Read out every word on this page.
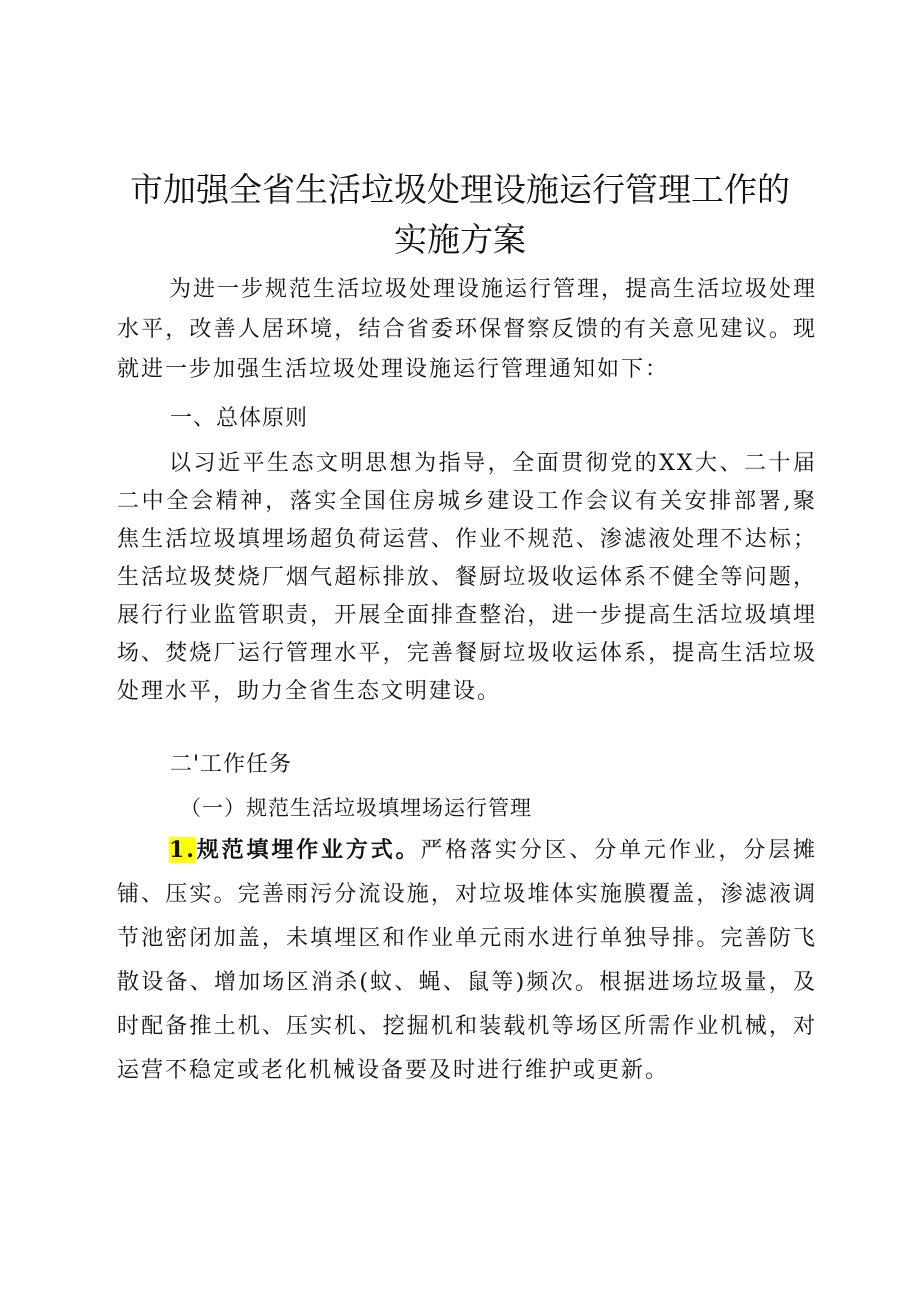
市加强全省生活垃圾处理设施运行管理工作的
实施方案

为进一步规范生活垃圾处理设施运行管理，提高生活垃圾处理水平，改善人居环境，结合省委环保督察反馈的有关意见建议。现就进一步加强生活垃圾处理设施运行管理通知如下：

一、总体原则

以习近平生态文明思想为指导，全面贯彻党的XX大、二十届二中全会精神，落实全国住房城乡建设工作会议有关安排部署,聚焦生活垃圾填埋场超负荷运营、作业不规范、渗滤液处理不达标；生活垃圾焚烧厂烟气超标排放、餐厨垃圾收运体系不健全等问题，展行行业监管职责，开展全面排查整治，进一步提高生活垃圾填埋场、焚烧厂运行管理水平，完善餐厨垃圾收运体系，提高生活垃圾处理水平，助力全省生态文明建设。

二'工作任务

（一）规范生活垃圾填埋场运行管理

1.规范填埋作业方式。严格落实分区、分单元作业，分层摊铺、压实。完善雨污分流设施，对垃圾堆体实施膜覆盖，渗滤液调节池密闭加盖，未填埋区和作业单元雨水进行单独导排。完善防飞散设备、增加场区消杀(蚊、蝇、鼠等)频次。根据进场垃圾量，及时配备推土机、压实机、挖掘机和装载机等场区所需作业机械，对运营不稳定或老化机械设备要及时进行维护或更新。
